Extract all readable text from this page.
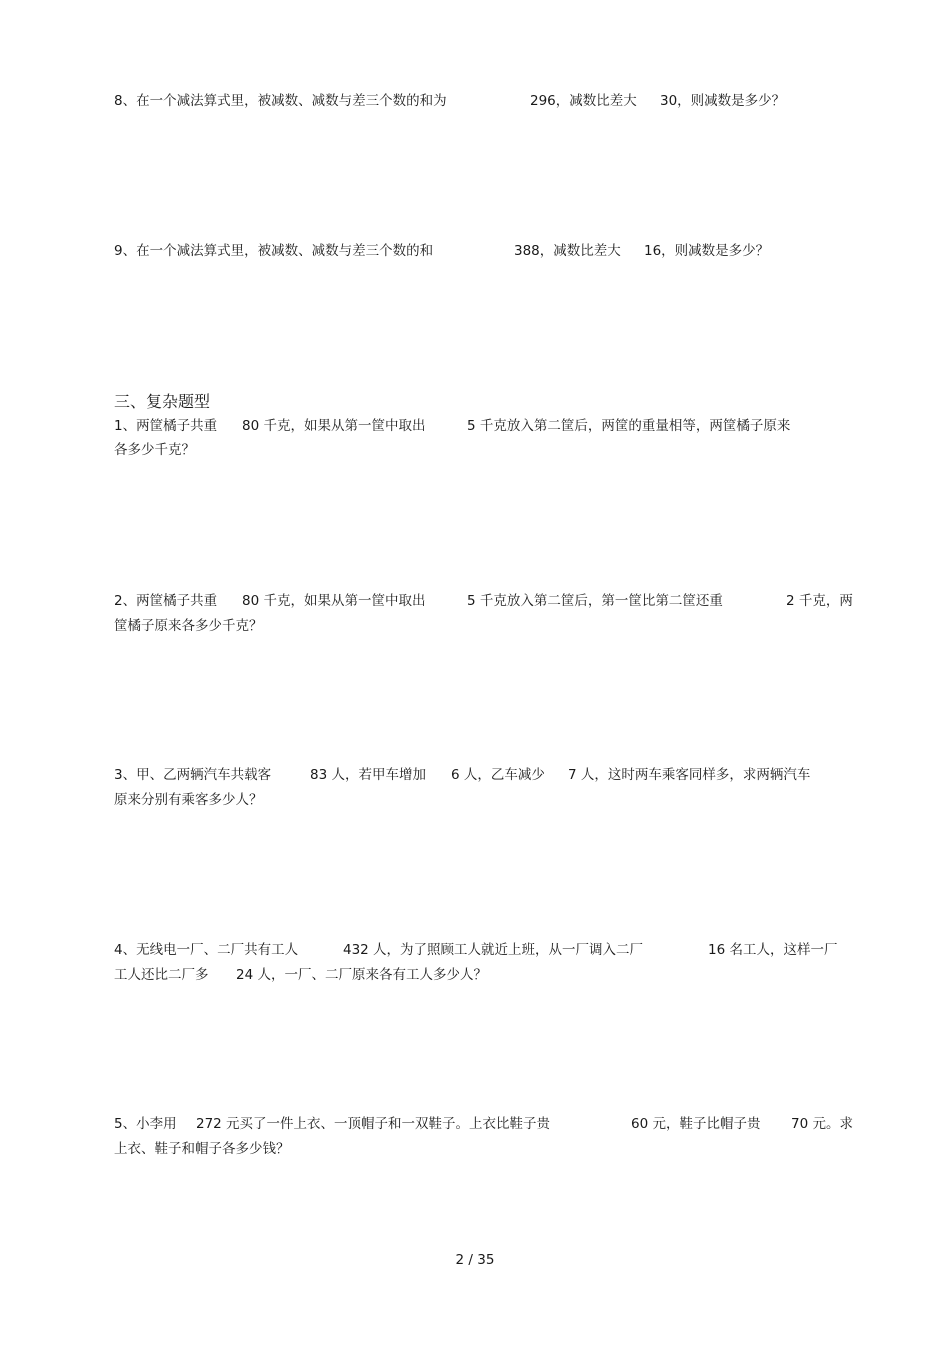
8、在一个减法算式里，被减数、减数与差三个数的和为	296，减数比差大 30，则减数是多少？
9、在一个减法算式里，被减数、减数与差三个数的和	388，减数比差大 16，则减数是多少？
三、复杂题型
1、两筐橘子共重 80 千克，如果从第一筐中取出	5 千克放入第二筐后，两筐的重量相等，两筐橘子原来
各多少千克？
2、两筐橘子共重 80 千克，如果从第一筐中取出	5 千克放入第二筐后，第一筐比第二筐还重	2 千克，两
筐橘子原来各多少千克？
3、甲、乙两辆汽车共载客	83 人，若甲车增加 6 人，乙车减少 7 人，这时两车乘客同样多，求两辆汽车
原来分别有乘客多少人？
4、无线电一厂、二厂共有工人	432 人，为了照顾工人就近上班，从一厂调入二厂	16 名工人，这样一厂
工人还比二厂多 24 人，一厂、二厂原来各有工人多少人？
5、小李用 272 元买了一件上衣、一顶帽子和一双鞋子。上衣比鞋子贵	60 元，鞋子比帽子贵 70 元。求
上衣、鞋子和帽子各多少钱？
2 / 35
